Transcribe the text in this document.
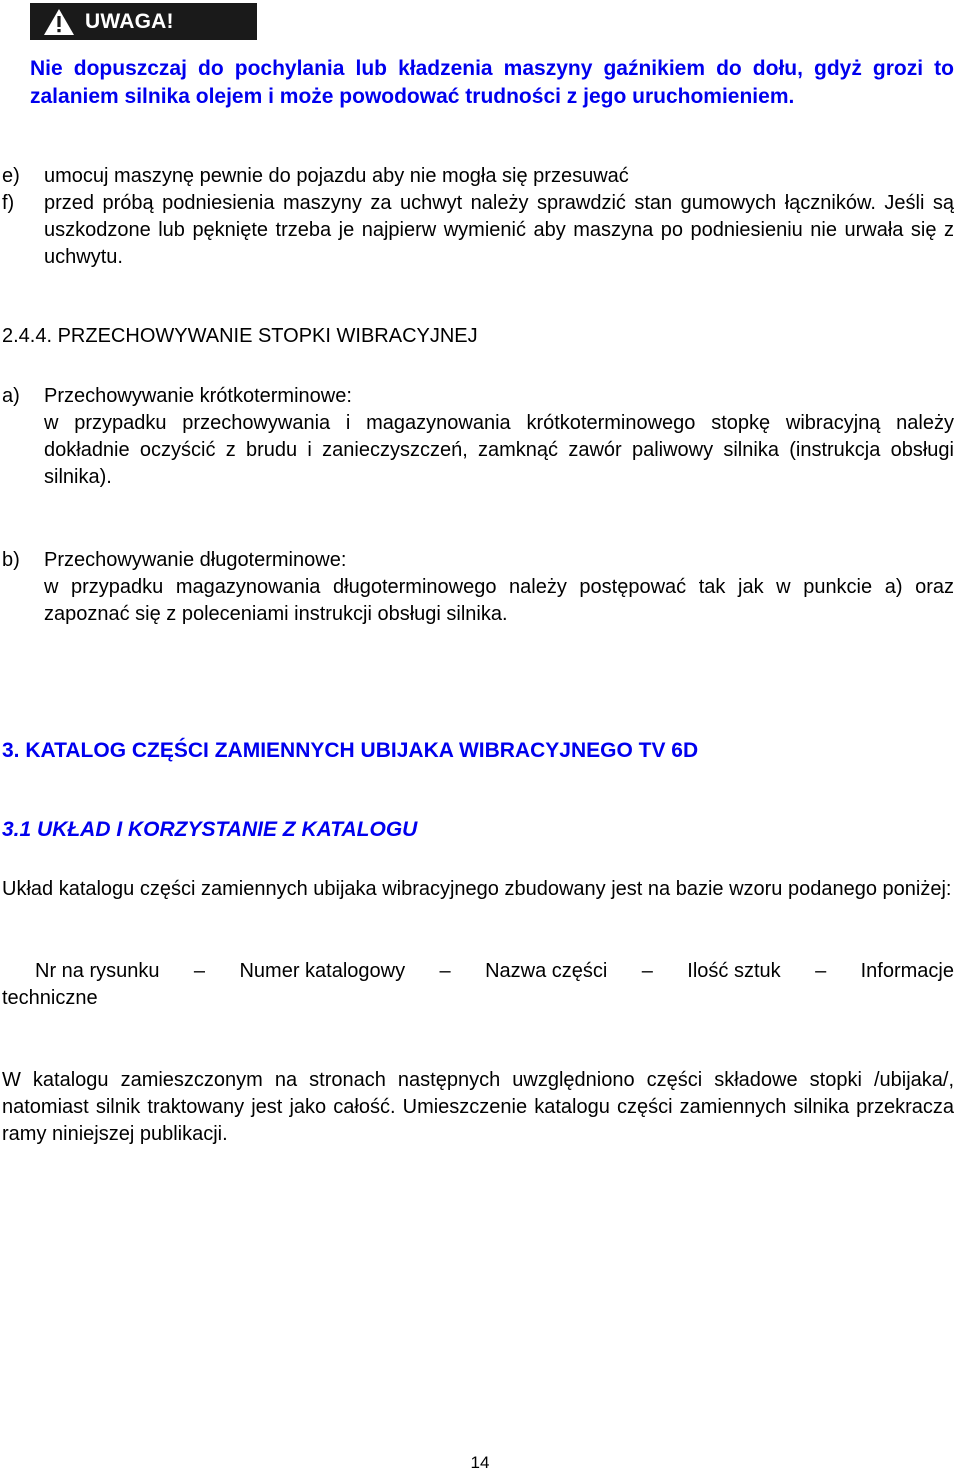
UWAGA!
Nie dopuszczaj do pochylania lub kładzenia maszyny gaźnikiem do dołu, gdyż grozi to zalaniem silnika olejem i może powodować trudności z jego uruchomieniem.
e) umocuj maszynę pewnie do pojazdu aby nie mogła się przesuwać
f) przed próbą podniesienia maszyny za uchwyt należy sprawdzić stan gumowych łączników. Jeśli są uszkodzone lub pęknięte trzeba je najpierw wymienić aby maszyna po podniesieniu nie urwała się z uchwytu.
2.4.4. PRZECHOWYWANIE STOPKI WIBRACYJNEJ
a) Przechowywanie krótkoterminowe:
w przypadku przechowywania i magazynowania krótkoterminowego stopkę wibracyjną należy dokładnie oczyścić z brudu i zanieczyszczeń, zamknąć zawór paliwowy silnika (instrukcja obsługi silnika).
b) Przechowywanie długoterminowe:
w przypadku magazynowania długoterminowego należy postępować tak jak w punkcie a) oraz zapoznać się z poleceniami instrukcji obsługi silnika.
3. KATALOG CZĘŚCI ZAMIENNYCH UBIJAKA WIBRACYJNEGO TV 6D
3.1 UKŁAD I KORZYSTANIE Z KATALOGU
Układ katalogu części zamiennych ubijaka wibracyjnego zbudowany jest na bazie wzoru podanego poniżej:
Nr na rysunku – Numer katalogowy – Nazwa części – Ilość sztuk – Informacje
techniczne
W katalogu zamieszczonym na stronach następnych uwzględniono części składowe stopki /ubijaka/, natomiast silnik traktowany jest jako całość. Umieszczenie katalogu części zamiennych silnika przekracza ramy niniejszej publikacji.
14
